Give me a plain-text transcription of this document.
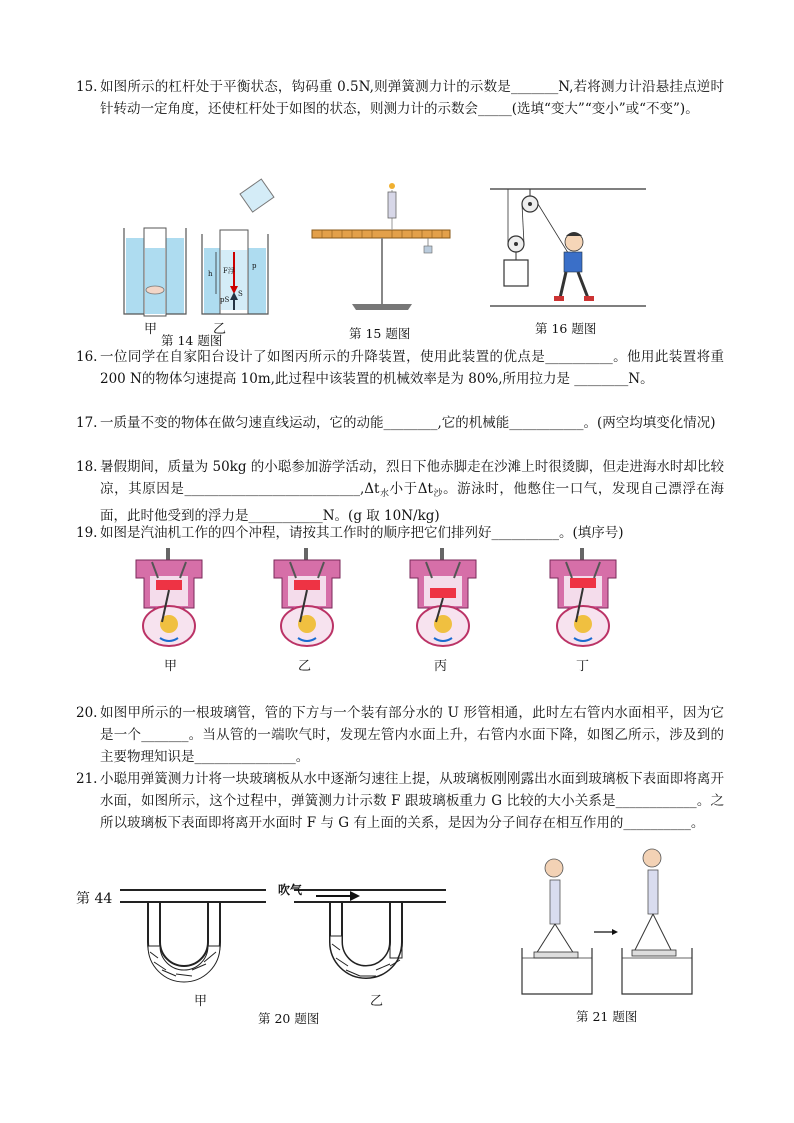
15. 如图所示的杠杆处于平衡状态，钩码重 0.5N,则弹簧测力计的示数是_______N,若将测力计沿悬挂点逆时针转动一定角度，还使杠杆处于如图的状态，则测力计的示数会_____(选填“变大”“变小”或“不变”)。
F浮
h
S
pS
p
甲	乙
第 14 题图	第 15 题图	第 16 题图
16. 一位同学在自家阳台设计了如图丙所示的升降装置，使用此装置的优点是__________。他用此装置将重 200 N的物体匀速提高 10m,此过程中该装置的机械效率是为 80%,所用拉力是 ________N。
17. 一质量不变的物体在做匀速直线运动，它的动能________,它的机械能___________。(两空均填变化情况)
18. 暑假期间，质量为 50kg 的小聪参加游学活动，烈日下他赤脚走在沙滩上时很烫脚，但走进海水时却比较凉，其原因是$\_\_\_\_\_\_\_\_\_\_\_\_\_\_\_\_\_\_\_\_\_\_\_\_\_\_,\Delta t_水$小于$\Delta t_沙$。游泳时，他憋住一口气，发现自己漂浮在海面，此时他受到的浮力是___________N。(g 取 10N/kg)
19. 如图是汽油机工作的四个冲程，请按其工作时的顺序把它们排列好__________。(填序号)
甲	乙	丙	丁
20. 如图甲所示的一根玻璃管，管的下方与一个装有部分水的 U 形管相通，此时左右管内水面相平，因为它是一个_______。当从管的一端吹气时，发现左管内水面上升，右管内水面下降，如图乙所示，涉及到的主要物理知识是_______________。
21. 小聪用弹簧测力计将一块玻璃板从水中逐渐匀速往上提，从玻璃板刚刚露出水面到玻璃板下表面即将离开水面，如图所示，这个过程中，弹簧测力计示数 F 跟玻璃板重力 G 比较的大小关系是____________。之所以玻璃板下表面即将离开水面时 F 与 G 有上面的关系，是因为分子间存在相互作用的__________。
第 44
吹气
甲	乙
第 20 题图	第 21 题图
